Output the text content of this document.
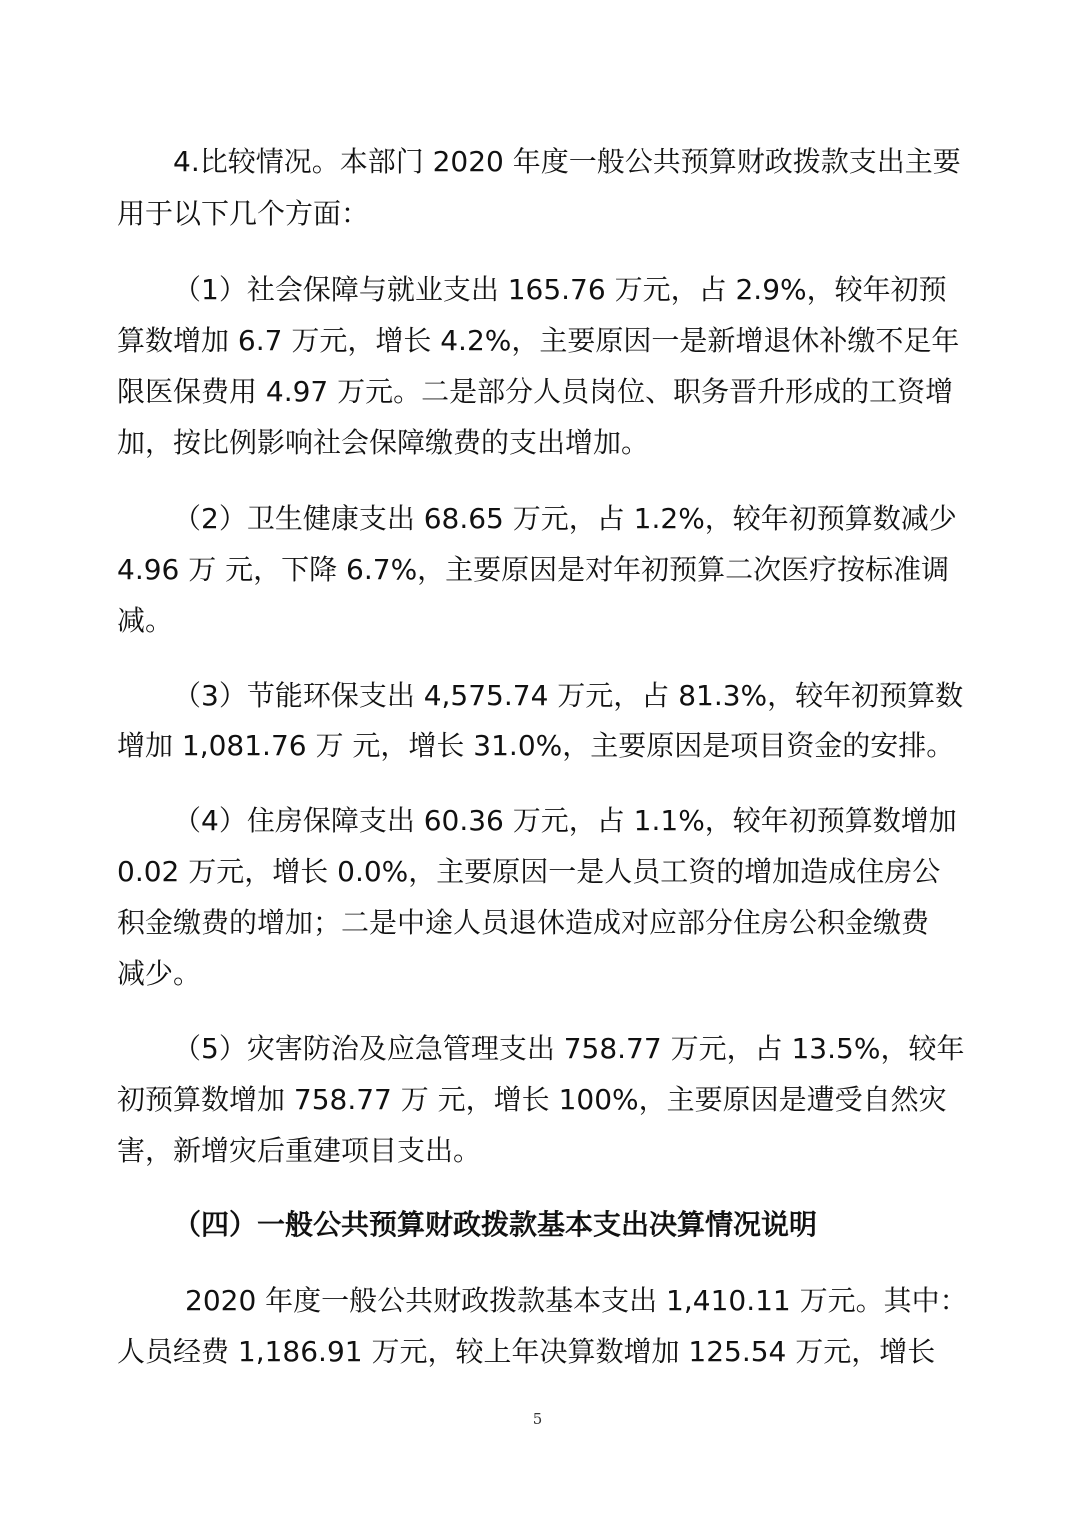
4.比较情况。本部门 2020 年度一般公共预算财政拨款支出主要
用于以下几个方面：
（1）社会保障与就业支出 165.76 万元，占 2.9%，较年初预
算数增加 6.7 万元，增长 4.2%，主要原因一是新增退休补缴不足年
限医保费用 4.97 万元。二是部分人员岗位、职务晋升形成的工资增
加，按比例影响社会保障缴费的支出增加。
（2）卫生健康支出 68.65 万元，占 1.2%，较年初预算数减少
4.96 万 元，下降 6.7%，主要原因是对年初预算二次医疗按标准调
减。
（3）节能环保支出 4,575.74 万元，占 81.3%，较年初预算数
增加 1,081.76 万 元，增长 31.0%，主要原因是项目资金的安排。
（4）住房保障支出 60.36 万元，占 1.1%，较年初预算数增加
0.02 万元，增长 0.0%，主要原因一是人员工资的增加造成住房公
积金缴费的增加；二是中途人员退休造成对应部分住房公积金缴费
减少。
（5）灾害防治及应急管理支出 758.77 万元，占 13.5%，较年
初预算数增加 758.77 万 元，增长 100%，主要原因是遭受自然灾
害，新增灾后重建项目支出。
（四）一般公共预算财政拨款基本支出决算情况说明
2020 年度一般公共财政拨款基本支出 1,410.11 万元。其中：
人员经费 1,186.91 万元，较上年决算数增加 125.54 万元，增长
5
